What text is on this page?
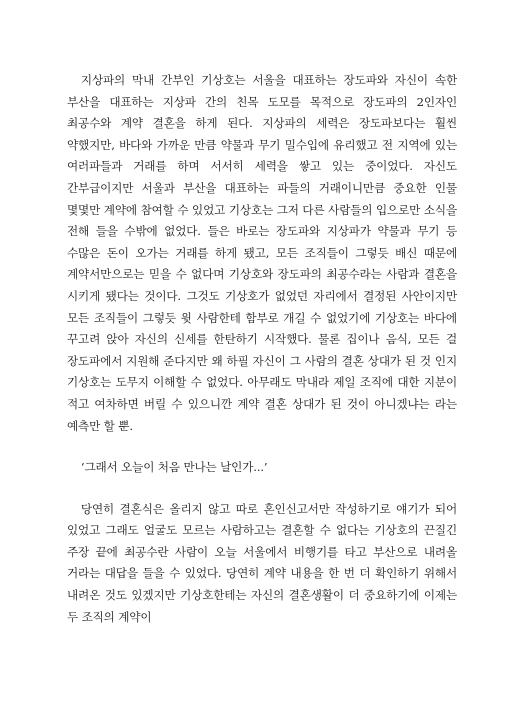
지상파의 막내 간부인 기상호는 서울을 대표하는 장도파와 자신이 속한 부산을 대표하는 지상파 간의 친목 도모를 목적으로 장도파의 2인자인 최공수와 계약 결혼을 하게 된다. 지상파의 세력은 장도파보다는 훨씬 약했지만, 바다와 가까운 만큼 약물과 무기 밀수입에 유리했고 전 지역에 있는 여러파들과 거래를 하며 서서히 세력을 쌓고 있는 중이었다. 자신도 간부급이지만 서울과 부산을 대표하는 파들의 거래이니만큼 중요한 인물 몇몇만 계약에 참여할 수 있었고 기상호는 그저 다른 사람들의 입으로만 소식을 전해 들을 수밖에 없었다. 들은 바로는 장도파와 지상파가 약물과 무기 등 수많은 돈이 오가는 거래를 하게 됐고, 모든 조직들이 그렇듯 배신 때문에 계약서만으로는 믿을 수 없다며 기상호와 장도파의 최공수라는 사람과 결혼을 시키게 됐다는 것이다. 그것도 기상호가 없었던 자리에서 결정된 사안이지만 모든 조직들이 그렇듯 윗 사람한테 함부로 개길 수 없었기에 기상호는 바다에 꾸고려 앉아 자신의 신세를 한탄하기 시작했다. 물론 집이나 음식, 모든 걸 장도파에서 지원해 준다지만 왜 하필 자신이 그 사람의 결혼 상대가 된 것 인지 기상호는 도무지 이해할 수 없었다. 아무래도 막내라 제일 조직에 대한 지분이 적고 여차하면 버릴 수 있으니깐 계약 결혼 상대가 된 것이 아니겠냐는 라는 예측만 할 뿐.

‘그래서 오늘이 처음 만나는 날인가...’

당연히 결혼식은 올리지 않고 따로 혼인신고서만 작성하기로 얘기가 되어 있었고 그래도 얼굴도 모르는 사람하고는 결혼할 수 없다는 기상호의 끈질긴 주장 끝에 최공수란 사람이 오늘 서울에서 비행기를 타고 부산으로 내려올 거라는 대답을 들을 수 있었다. 당연히 계약 내용을 한 번 더 확인하기 위해서 내려온 것도 있겠지만 기상호한테는 자신의 결혼생활이 더 중요하기에 이제는 두 조직의 계약이
